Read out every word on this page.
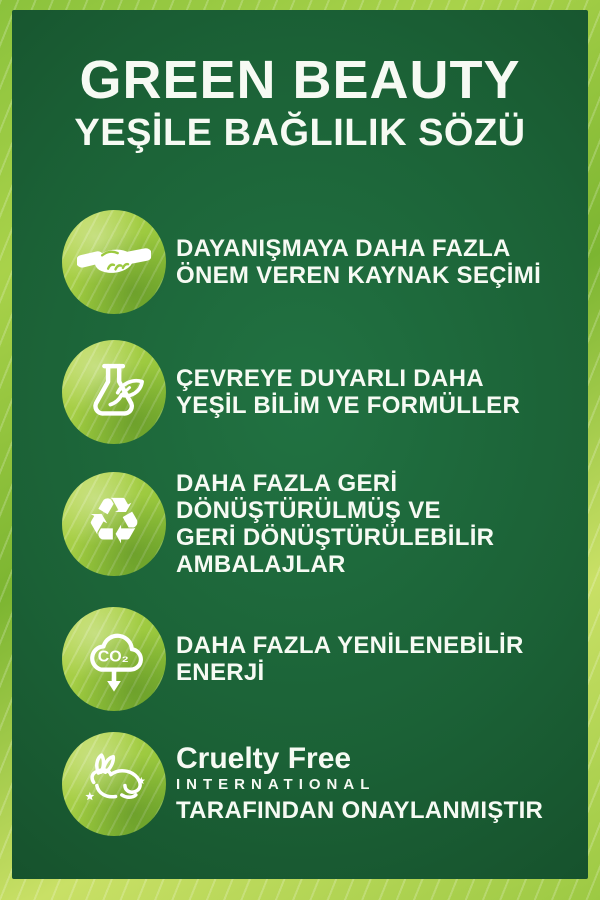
GREEN BEAUTY
YEŞİLE BAĞLILIK SÖZÜ
DAYANIŞMAYA DAHA FAZLA
ÖNEM VEREN KAYNAK SEÇİMİ
ÇEVREYE DUYARLI DAHA
YEŞİL BİLİM VE FORMÜLLER
♻
DAHA FAZLA GERİ
DÖNÜŞTÜRÜLMÜŞ VE
GERİ DÖNÜŞTÜRÜLEBİLİR
AMBALAJLAR
CO₂ DAHA FAZLA YENİLENEBİLİR
ENERJİ
Cruelty Free
INTERNATIONAL
TARAFINDAN ONAYLANMIŞTIR
